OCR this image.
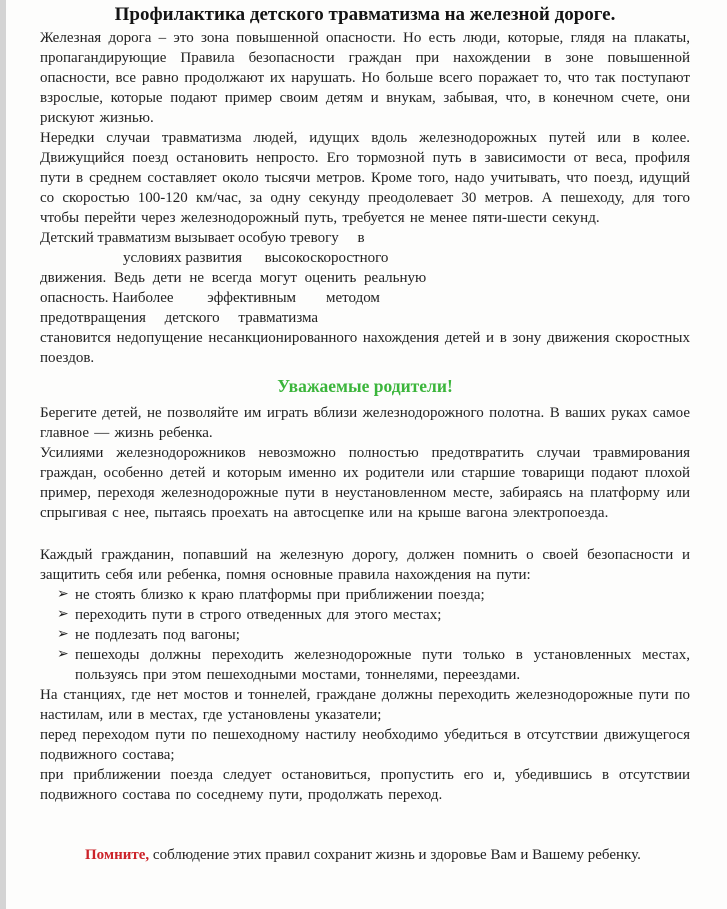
Профилактика детского травматизма на железной дороге.

Железная дорога – это зона повышенной опасности. Но есть люди, которые, глядя на плакаты, пропагандирующие Правила безопасности граждан при нахождении в зоне повышенной опасности, все равно продолжают их нарушать. Но больше всего поражает то, что так поступают взрослые, которые подают пример своим детям и внукам, забывая, что, в конечном счете, они рискуют жизнью.

Нередки случаи травматизма людей, идущих вдоль железнодорожных путей или в колее. Движущийся поезд остановить непросто. Его тормозной путь в зависимости от веса, профиля пути в среднем составляет около тысячи метров. Кроме того, надо учитывать, что поезд, идущий со скоростью 100-120 км/час, за одну секунду преодолевает 30 метров. А пешеходу, для того чтобы перейти через железнодорожный путь, требуется не менее пяти-шести секунд.

Детский травматизм вызывает особую тревогу     в
условиях развития      высокоскоростного
движения. Ведь дети не всегда могут оценить реальную
опасность. Наиболее         эффективным        методом
предотвращения     детского     травматизма

становится недопущение несанкционированного нахождения детей и в зону движения скоростных поездов.

Уважаемые родители!

Берегите детей, не позволяйте им играть вблизи железнодорожного полотна. В ваших руках самое главное — жизнь ребенка.

Усилиями железнодорожников невозможно полностью предотвратить случаи травмирования граждан, особенно детей и которым именно их родители или старшие товарищи подают плохой пример, переходя железнодорожные пути в неустановленном месте, забираясь на платформу или спрыгивая с нее, пытаясь проехать на автосцепке или на крыше вагона электропоезда.

Каждый гражданин, попавший на железную дорогу, должен помнить о своей безопасности и защитить себя или ребенка, помня основные правила нахождения на пути:

➢ не стоять близко к краю платформы при приближении поезда;
➢ переходить пути в строго отведенных для этого местах;
➢ не подлезать под вагоны;
➢ пешеходы должны переходить железнодорожные пути только в установленных местах, пользуясь при этом пешеходными мостами, тоннелями, переездами.

На станциях, где нет мостов и тоннелей, граждане должны переходить железнодорожные пути по настилам, или в местах, где установлены указатели;

перед переходом пути по пешеходному настилу необходимо убедиться в отсутствии движущегося подвижного состава;

при приближении поезда следует остановиться, пропустить его и, убедившись в отсутствии подвижного состава по соседнему пути, продолжать переход.

Помните, соблюдение этих правил сохранит жизнь и здоровье Вам и Вашему ребенку.
